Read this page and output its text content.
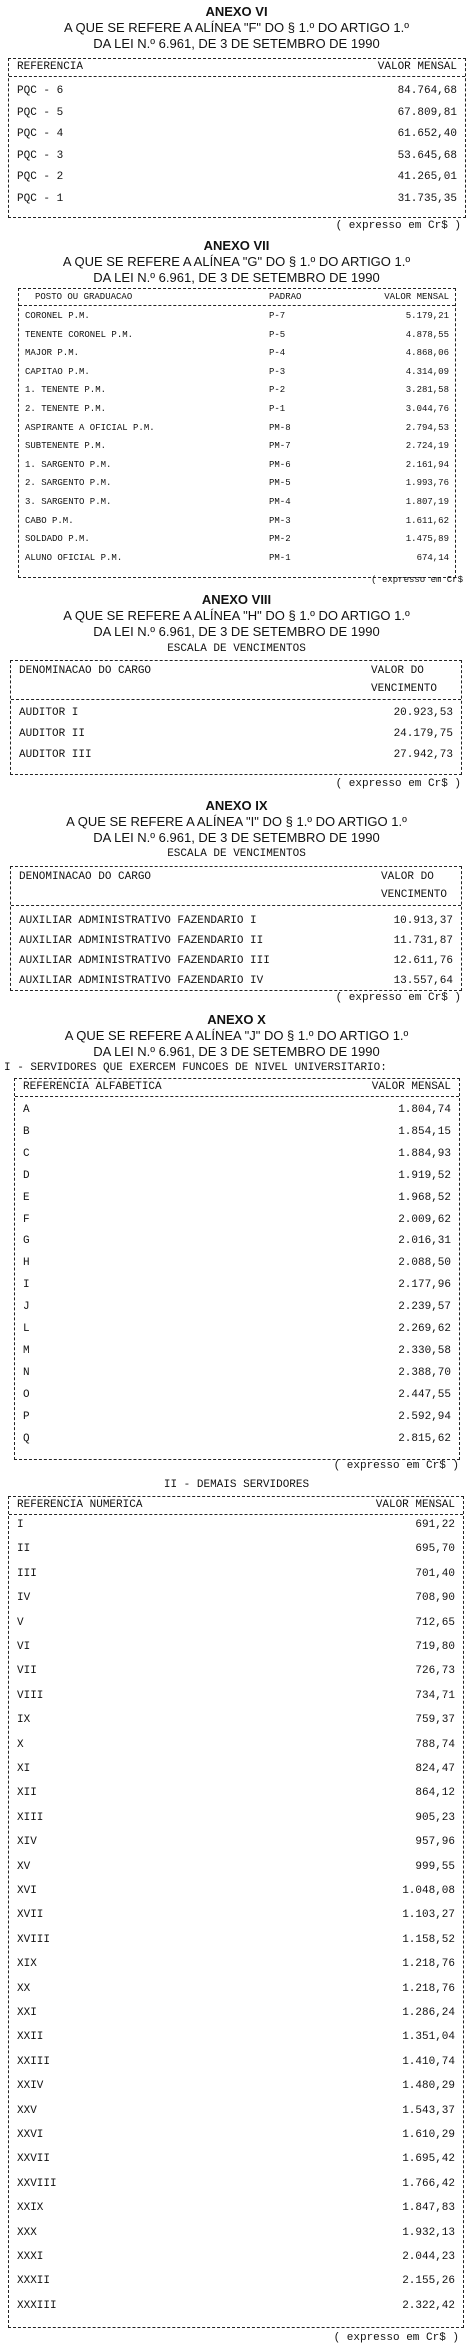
ANEXO VI
A QUE SE REFERE A ALÍNEA "F" DO § 1.º DO ARTIGO 1.º
DA LEI N.º 6.961, DE 3 DE SETEMBRO DE 1990
REFERENCIA	VALOR MENSAL
PQC - 6	84.764,68
PQC - 5	67.809,81
PQC - 4	61.652,40
PQC - 3	53.645,68
PQC - 2	41.265,01
PQC - 1	31.735,35
( expresso em Cr$ )
ANEXO VII
A QUE SE REFERE A ALÍNEA "G" DO § 1.º DO ARTIGO 1.º
DA LEI N.º 6.961, DE 3 DE SETEMBRO DE 1990
POSTO OU GRADUACAO	PADRAO	VALOR MENSAL
CORONEL P.M.	P-7	5.179,21
TENENTE CORONEL P.M.	P-5	4.878,55
MAJOR P.M.	P-4	4.868,06
CAPITAO P.M.	P-3	4.314,09
1. TENENTE P.M.	P-2	3.281,58
2. TENENTE P.M.	P-1	3.044,76
ASPIRANTE A OFICIAL P.M.	PM-8	2.794,53
SUBTENENTE P.M.	PM-7	2.724,19
1. SARGENTO P.M.	PM-6	2.161,94
2. SARGENTO P.M.	PM-5	1.993,76
3. SARGENTO P.M.	PM-4	1.807,19
CABO P.M.	PM-3	1.611,62
SOLDADO P.M.	PM-2	1.475,89
ALUNO OFICIAL P.M.	PM-1	674,14
( expresso em Cr$
ANEXO VIII
A QUE SE REFERE A ALÍNEA "H" DO § 1.º DO ARTIGO 1.º
DA LEI N.º 6.961, DE 3 DE SETEMBRO DE 1990
ESCALA DE VENCIMENTOS
DENOMINACAO DO CARGO	VALOR DO
VENCIMENTO
AUDITOR I	20.923,53
AUDITOR II	24.179,75
AUDITOR III	27.942,73
( expresso em Cr$ )
ANEXO IX
A QUE SE REFERE A ALÍNEA "I" DO § 1.º DO ARTIGO 1.º
DA LEI N.º 6.961, DE 3 DE SETEMBRO DE 1990
ESCALA DE VENCIMENTOS
DENOMINACAO DO CARGO	VALOR DO
VENCIMENTO
AUXILIAR ADMINISTRATIVO FAZENDARIO I	10.913,37
AUXILIAR ADMINISTRATIVO FAZENDARIO II	11.731,87
AUXILIAR ADMINISTRATIVO FAZENDARIO III	12.611,76
AUXILIAR ADMINISTRATIVO FAZENDARIO IV	13.557,64
( expresso em Cr$ )
ANEXO X
A QUE SE REFERE A ALÍNEA "J" DO § 1.º DO ARTIGO 1.º
DA LEI N.º 6.961, DE 3 DE SETEMBRO DE 1990
I - SERVIDORES QUE EXERCEM FUNCOES DE NIVEL UNIVERSITARIO:
REFERENCIA ALFABETICA	VALOR MENSAL
A	1.804,74
B	1.854,15
C	1.884,93
D	1.919,52
E	1.968,52
F	2.009,62
G	2.016,31
H	2.088,50
I	2.177,96
J	2.239,57
L	2.269,62
M	2.330,58
N	2.388,70
O	2.447,55
P	2.592,94
Q	2.815,62
( expresso em Cr$ )
II - DEMAIS SERVIDORES
REFERENCIA NUMERICA	VALOR MENSAL
I	691,22
II	695,70
III	701,40
IV	708,90
V	712,65
VI	719,80
VII	726,73
VIII	734,71
IX	759,37
X	788,74
XI	824,47
XII	864,12
XIII	905,23
XIV	957,96
XV	999,55
XVI	1.048,08
XVII	1.103,27
XVIII	1.158,52
XIX	1.218,76
XX	1.218,76
XXI	1.286,24
XXII	1.351,04
XXIII	1.410,74
XXIV	1.480,29
XXV	1.543,37
XXVI	1.610,29
XXVII	1.695,42
XXVIII	1.766,42
XXIX	1.847,83
XXX	1.932,13
XXXI	2.044,23
XXXII	2.155,26
XXXIII	2.322,42
( expresso em Cr$ )
